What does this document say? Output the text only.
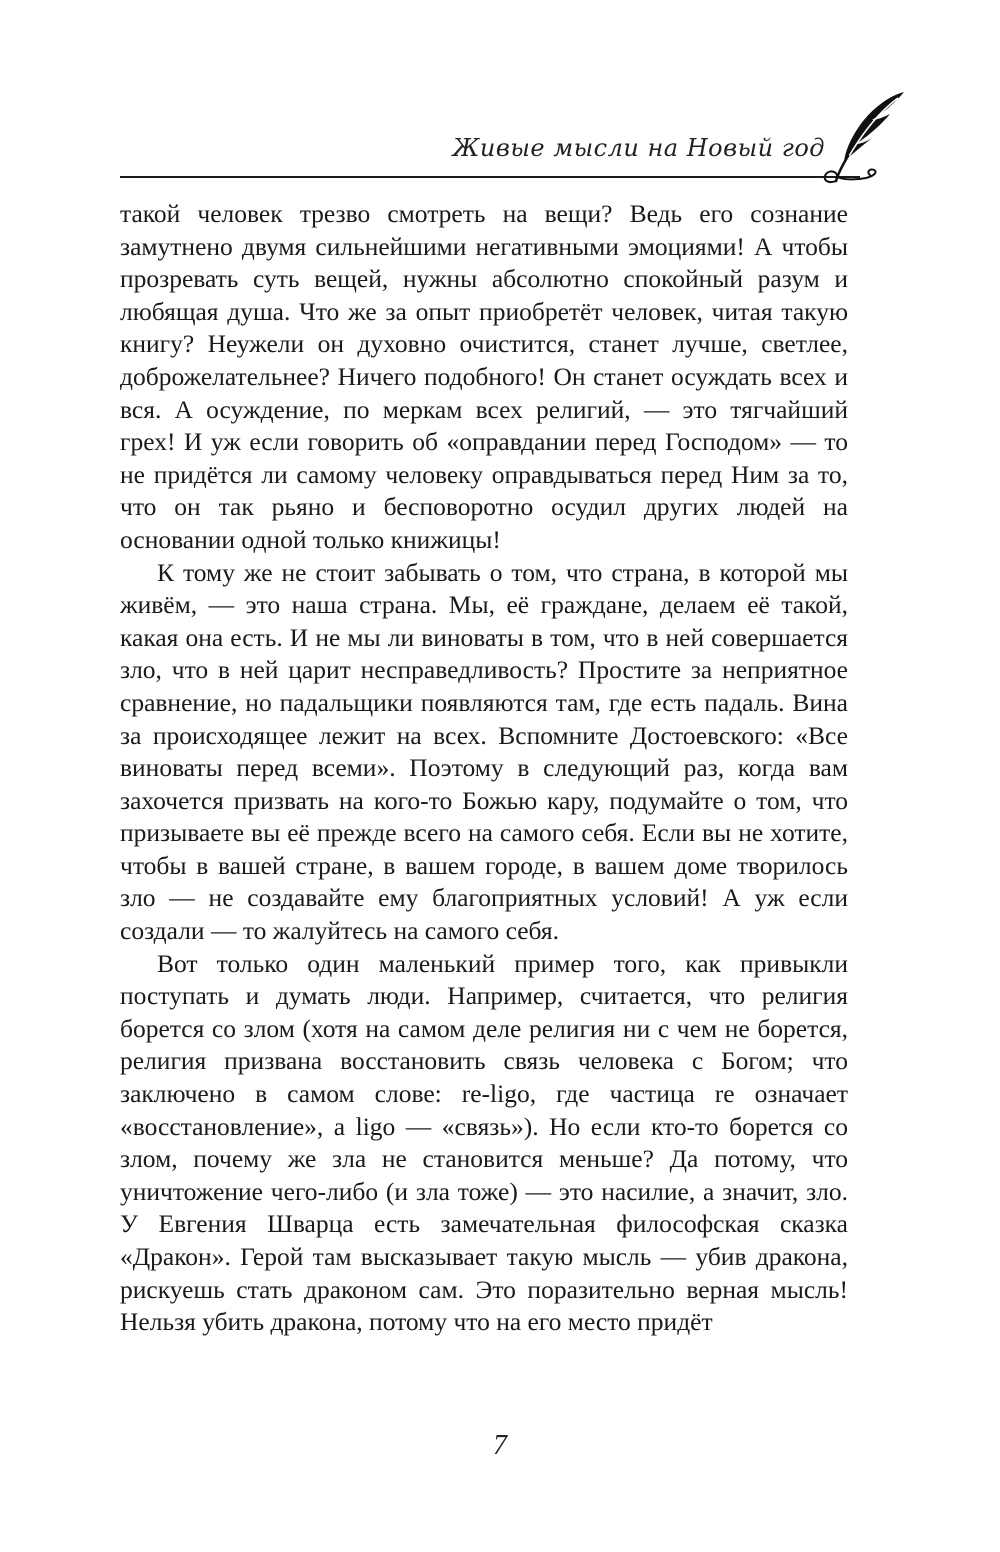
Живые мысли на Новый год

такой человек трезво смотреть на вещи? Ведь его сознание замутнено двумя сильнейшими негативными эмоциями! А чтобы прозревать суть вещей, нужны абсолютно спокойный разум и любящая душа. Что же за опыт приобретёт человек, читая такую книгу? Неужели он духовно очистится, станет лучше, светлее, доброжелательнее? Ничего подобного! Он станет осуждать всех и вся. А осуждение, по меркам всех религий, — это тягчайший грех! И уж если говорить об «оправдании перед Господом» — то не придётся ли самому человеку оправдываться перед Ним за то, что он так рьяно и бесповоротно осудил других людей на основании одной только книжицы!

К тому же не стоит забывать о том, что страна, в которой мы живём, — это наша страна. Мы, её граждане, делаем её такой, какая она есть. И не мы ли виноваты в том, что в ней совершается зло, что в ней царит несправедливость? Простите за неприятное сравнение, но падальщики появляются там, где есть падаль. Вина за происходящее лежит на всех. Вспомните Достоевского: «Все виноваты перед всеми». Поэтому в следующий раз, когда вам захочется призвать на кого-то Божью кару, подумайте о том, что призываете вы её прежде всего на самого себя. Если вы не хотите, чтобы в вашей стране, в вашем городе, в вашем доме творилось зло — не создавайте ему благоприятных условий! А уж если создали — то жалуйтесь на самого себя.

Вот только один маленький пример того, как привыкли поступать и думать люди. Например, считается, что религия борется со злом (хотя на самом деле религия ни с чем не борется, религия призвана восстановить связь человека с Богом; что заключено в самом слове: re-ligo, где частица re означает «восстановление», а ligo — «связь»). Но если кто-то борется со злом, почему же зла не становится меньше? Да потому, что уничтожение чего-либо (и зла тоже) — это насилие, а значит, зло. У Евгения Шварца есть замечательная философская сказка «Дракон». Герой там высказывает такую мысль — убив дракона, рискуешь стать драконом сам. Это поразительно верная мысль! Нельзя убить дракона, потому что на его место придёт

7
